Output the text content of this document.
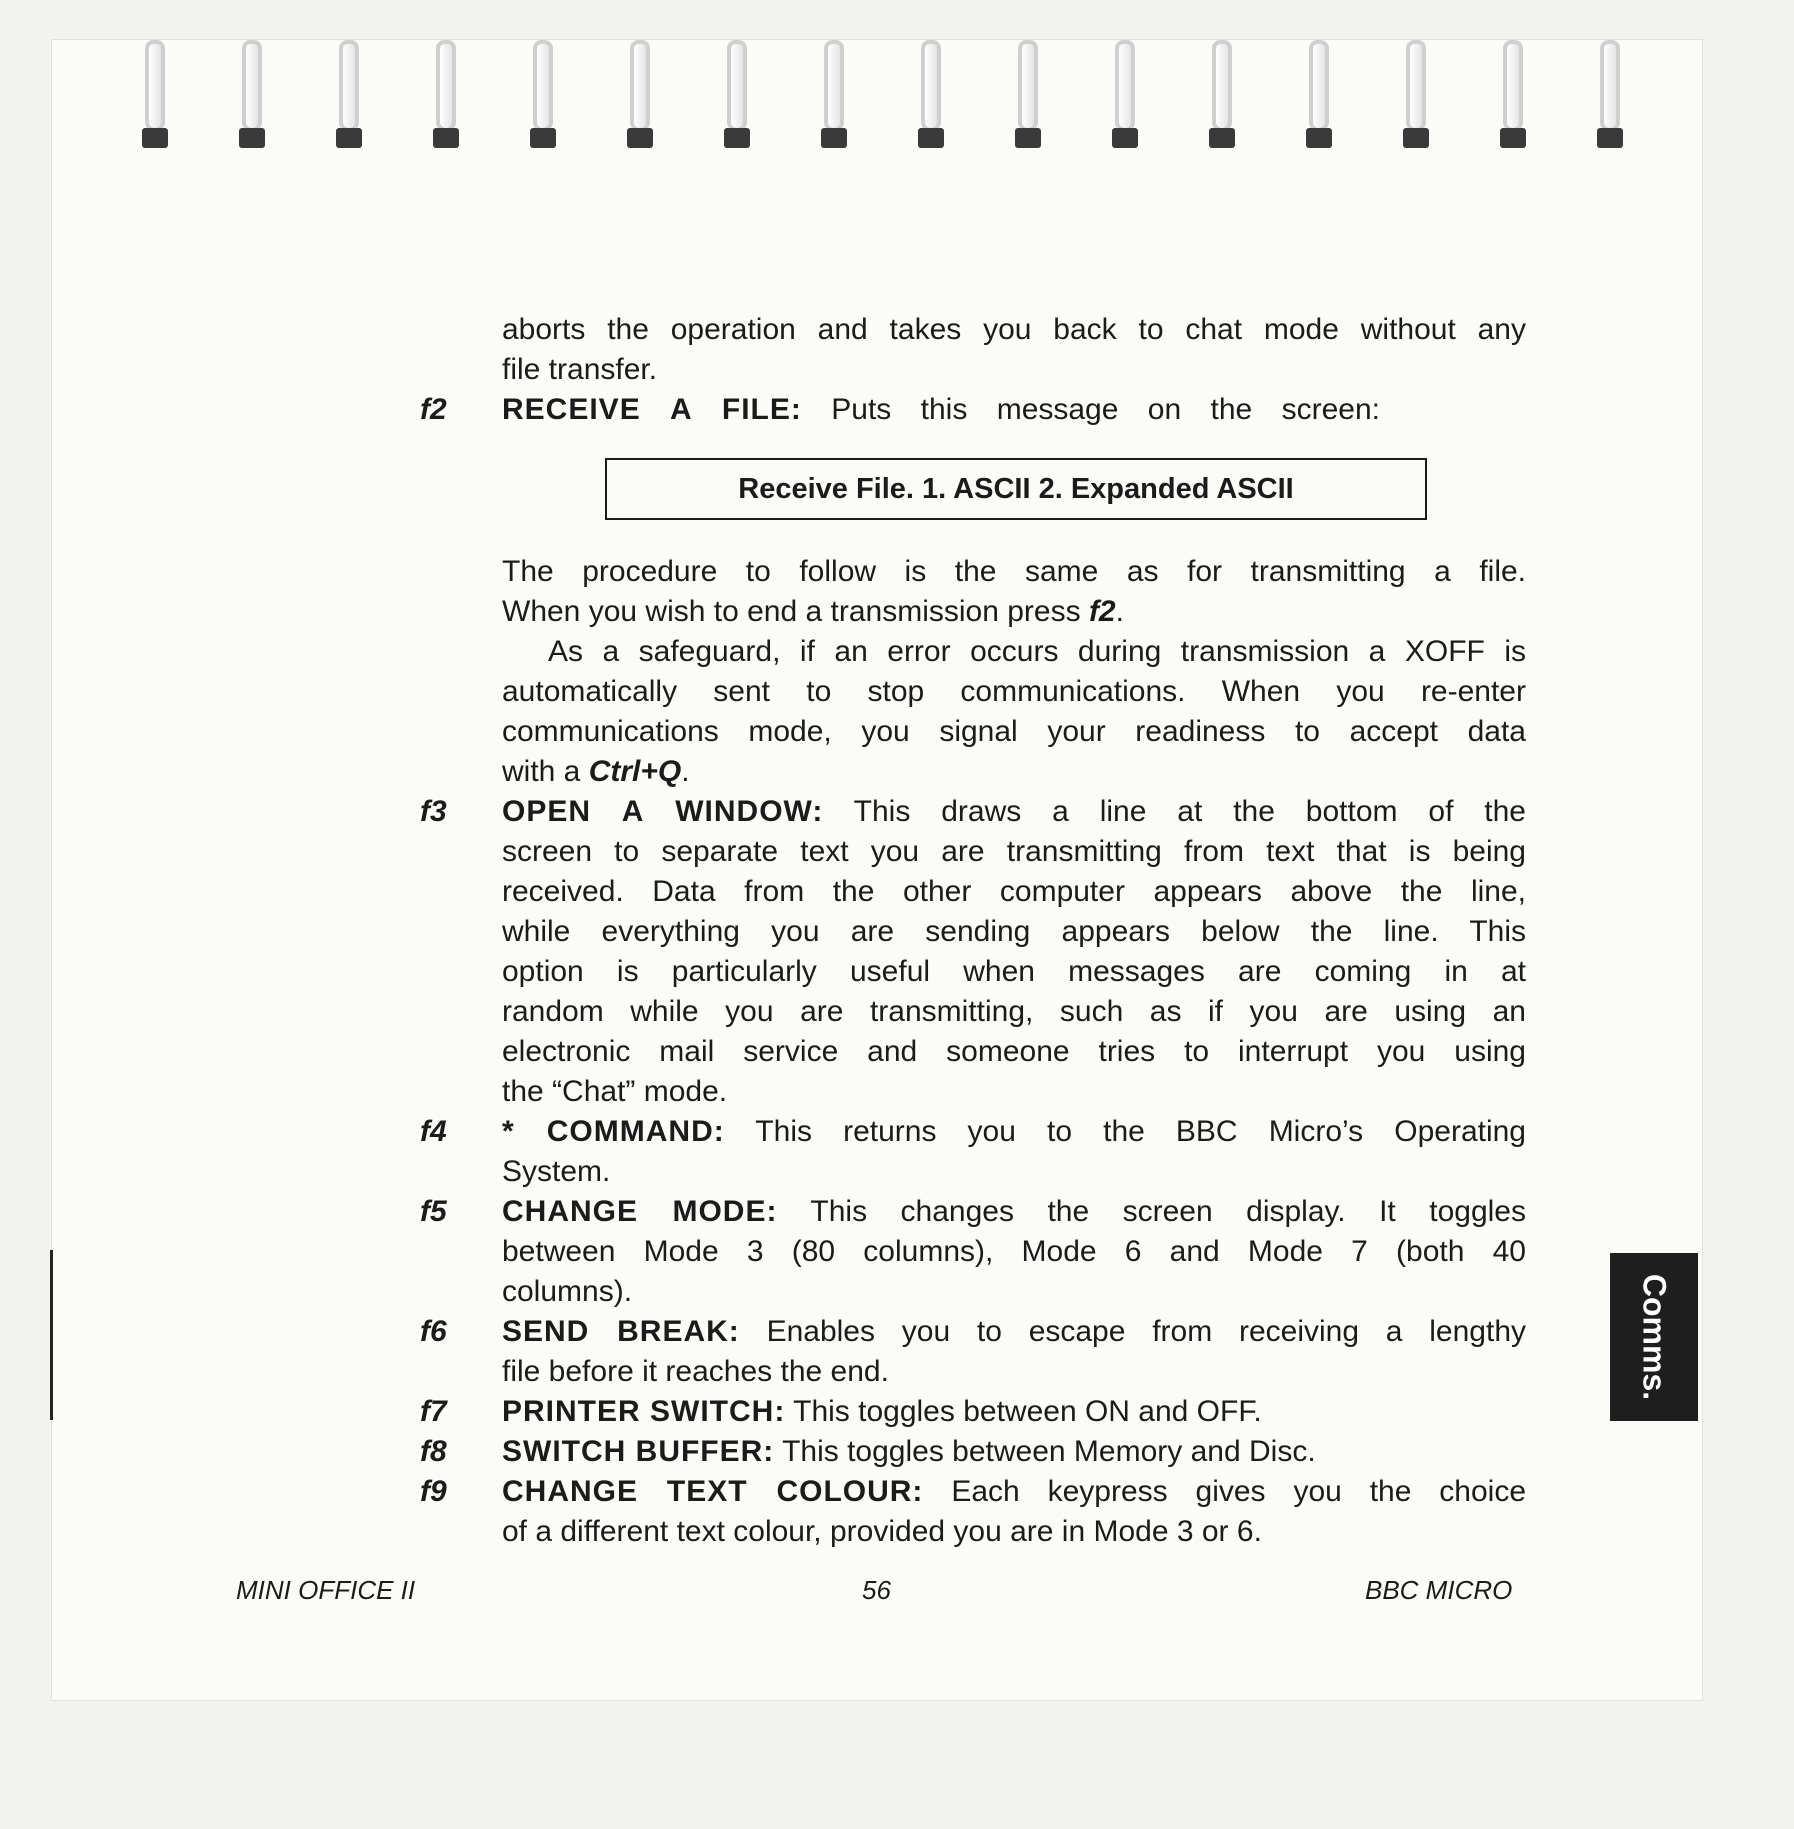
aborts the operation and takes you back to chat mode without any
file transfer.
f2	RECEIVE A FILE: Puts this message on the screen:
Receive File. 1. ASCII 2. Expanded ASCII
The procedure to follow is the same as for transmitting a file.
When you wish to end a transmission press f2.
As a safeguard, if an error occurs during transmission a XOFF is
automatically sent to stop communications. When you re-enter
communications mode, you signal your readiness to accept data
with a Ctrl+Q.
f3	OPEN A WINDOW: This draws a line at the bottom of the
screen to separate text you are transmitting from text that is being
received. Data from the other computer appears above the line,
while everything you are sending appears below the line. This
option is particularly useful when messages are coming in at
random while you are transmitting, such as if you are using an
electronic mail service and someone tries to interrupt you using
the “Chat” mode.
f4	* COMMAND: This returns you to the BBC Micro’s Operating
System.
f5	CHANGE MODE: This changes the screen display. It toggles
between Mode 3 (80 columns), Mode 6 and Mode 7 (both 40
columns).
f6	SEND BREAK: Enables you to escape from receiving a lengthy
file before it reaches the end.
f7	PRINTER SWITCH: This toggles between ON and OFF.
f8	SWITCH BUFFER: This toggles between Memory and Disc.
f9	CHANGE TEXT COLOUR: Each keypress gives you the choice
of a different text colour, provided you are in Mode 3 or 6.
MINI OFFICE II	56	BBC MICRO
Comms.
